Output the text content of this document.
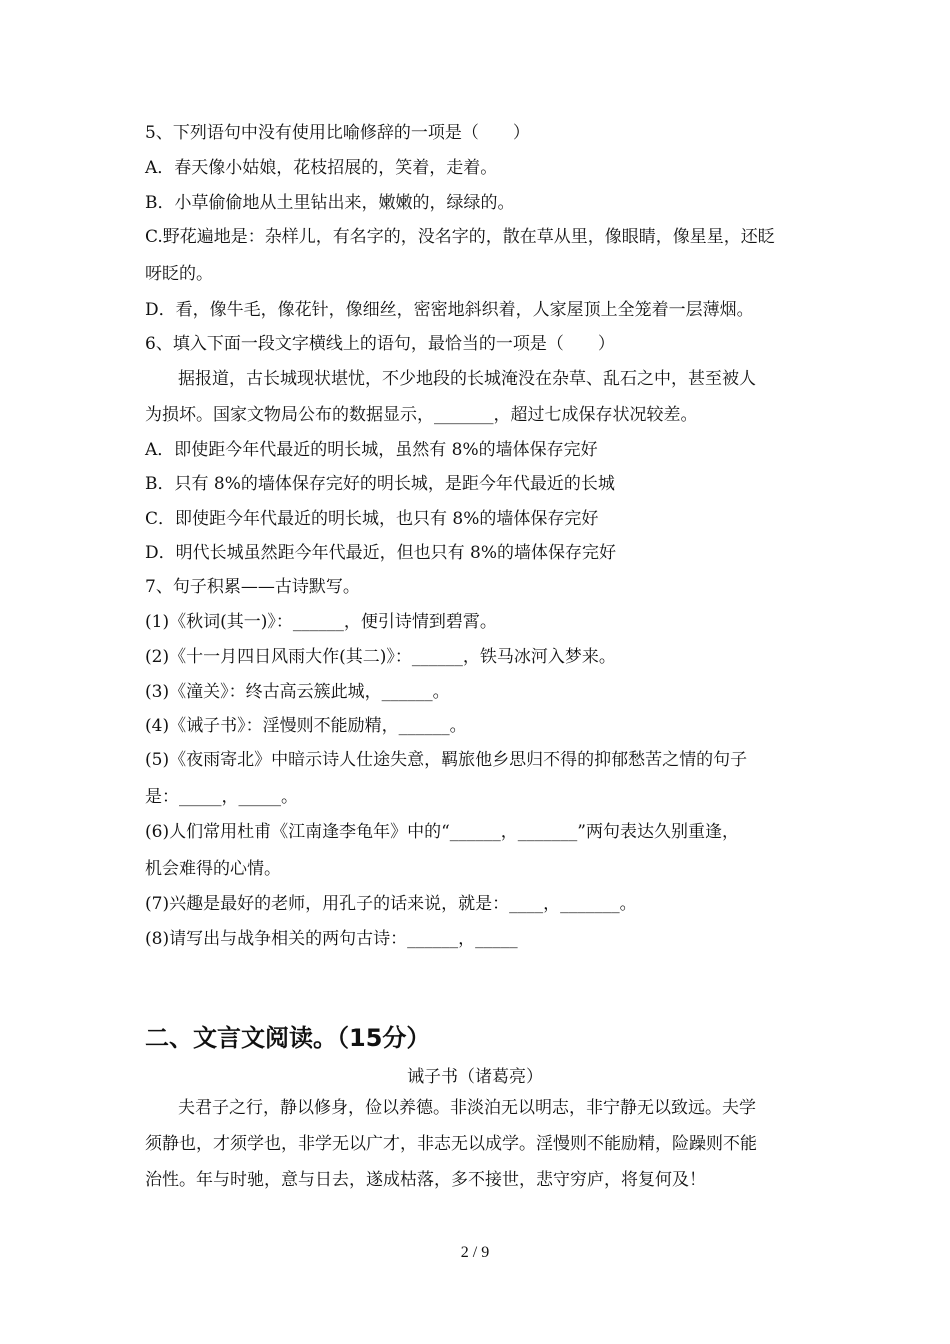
5、下列语句中没有使用比喻修辞的一项是（　　）
A．春天像小姑娘，花枝招展的，笑着，走着。
B．小草偷偷地从土里钻出来，嫩嫩的，绿绿的。
C.野花遍地是：杂样儿，有名字的，没名字的，散在草从里，像眼睛，像星星，还眨
呀眨的。
D．看，像牛毛，像花针，像细丝，密密地斜织着，人家屋顶上全笼着一层薄烟。
6、填入下面一段文字横线上的语句，最恰当的一项是（　　）
据报道，古长城现状堪忧，不少地段的长城淹没在杂草、乱石之中，甚至被人
为损坏。国家文物局公布的数据显示，_______，超过七成保存状况较差。
A．即使距今年代最近的明长城，虽然有 8%的墙体保存完好
B．只有 8%的墙体保存完好的明长城，是距今年代最近的长城
C．即使距今年代最近的明长城，也只有 8%的墙体保存完好
D．明代长城虽然距今年代最近，但也只有 8%的墙体保存完好
7、句子积累——古诗默写。
(1)《秋词(其一)》：______，便引诗情到碧霄。
(2)《十一月四日风雨大作(其二)》：______，铁马冰河入梦来。
(3)《潼关》：终古高云簇此城，______。
(4)《诫子书》：淫慢则不能励精，______。
(5)《夜雨寄北》中暗示诗人仕途失意，羁旅他乡思归不得的抑郁愁苦之情的句子
是：_____，_____。
(6)人们常用杜甫《江南逢李龟年》中的“______，_______”两句表达久别重逢，
机会难得的心情。
(7)兴趣是最好的老师，用孔子的话来说，就是：____，_______。
(8)请写出与战争相关的两句古诗：______，_____
二、文言文阅读。（15分）
诫子书（诸葛亮）
夫君子之行，静以修身，俭以养德。非淡泊无以明志，非宁静无以致远。夫学
须静也，才须学也，非学无以广才，非志无以成学。淫慢则不能励精，险躁则不能
治性。年与时驰，意与日去，遂成枯落，多不接世，悲守穷庐，将复何及！
2 / 9
